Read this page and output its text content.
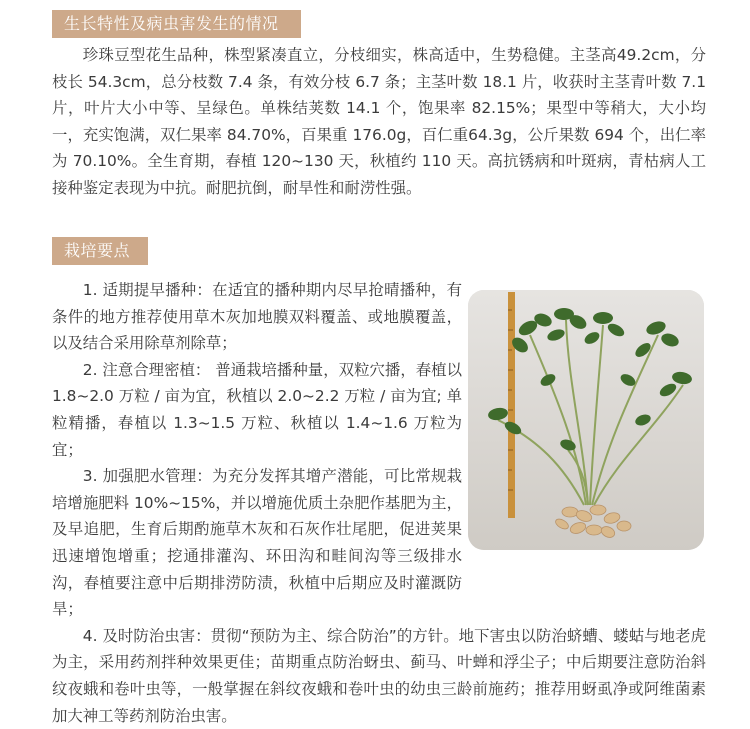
生长特性及病虫害发生的情况

珍珠豆型花生品种，株型紧凑直立，分枝细实，株高适中，生势稳健。主茎高49.2cm，分枝长 54.3cm，总分枝数 7.4 条，有效分枝 6.7 条；主茎叶数 18.1 片，收获时主茎青叶数 7.1 片，叶片大小中等、呈绿色。单株结荚数 14.1 个，饱果率 82.15%；果型中等稍大，大小均一，充实饱满，双仁果率 84.70%，百果重 176.0g，百仁重64.3g，公斤果数 694 个，出仁率为 70.10%。全生育期，春植 120~130 天，秋植约 110 天。高抗锈病和叶斑病，青枯病人工接种鉴定表现为中抗。耐肥抗倒，耐旱性和耐涝性强。

栽培要点

1. 适期提早播种：在适宜的播种期内尽早抢晴播种，有条件的地方推荐使用草木灰加地膜双料覆盖、或地膜覆盖，以及结合采用除草剂除草；

2. 注意合理密植： 普通栽培播种量，双粒穴播，春植以 1.8~2.0 万粒 / 亩为宜，秋植以 2.0~2.2 万粒 / 亩为宜; 单粒精播，春植以 1.3~1.5 万粒、秋植以 1.4~1.6 万粒为宜；

3. 加强肥水管理：为充分发挥其增产潜能，可比常规栽培增施肥料 10%~15%，并以增施优质土杂肥作基肥为主，及早追肥，生育后期酌施草木灰和石灰作壮尾肥，促进荚果迅速增饱增重；挖通排灌沟、环田沟和畦间沟等三级排水沟，春植要注意中后期排涝防渍，秋植中后期应及时灌溉防旱；

4. 及时防治虫害：贯彻“预防为主、综合防治”的方针。地下害虫以防治蛴螬、蝼蛄与地老虎为主，采用药剂拌种效果更佳；苗期重点防治蚜虫、蓟马、叶蝉和浮尘子；中后期要注意防治斜纹夜蛾和卷叶虫等，一般掌握在斜纹夜蛾和卷叶虫的幼虫三龄前施药；推荐用蚜虱净或阿维菌素加大神工等药剂防治虫害。
